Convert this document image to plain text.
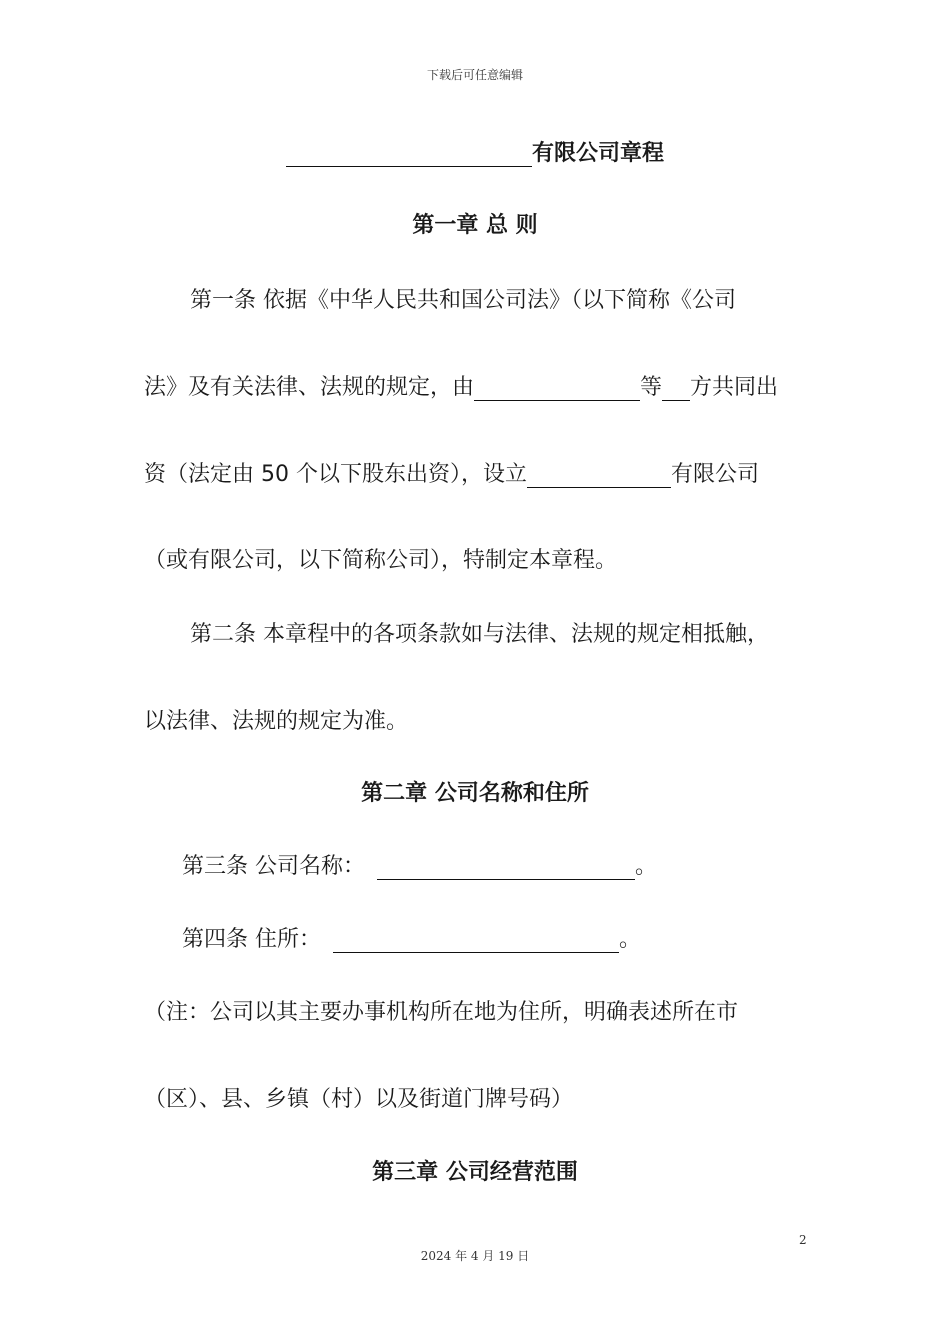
下载后可任意编辑
有限公司章程
第一章 总 则
第一条 依据《中华人民共和国公司法》（以下简称《公司
法》及有关法律、法规的规定，由	等 方共同出
资（法定由 50 个以下股东出资），设立	有限公司
（或有限公司，以下简称公司），特制定本章程。
第二条 本章程中的各项条款如与法律、法规的规定相抵触，
以法律、法规的规定为准。
第二章 公司名称和住所
第三条 公司名称：	。
第四条 住所：	。
（注：公司以其主要办事机构所在地为住所，明确表述所在市
（区）、县、乡镇（村）以及街道门牌号码）
第三章 公司经营范围
2
2024 年 4 月 19 日
